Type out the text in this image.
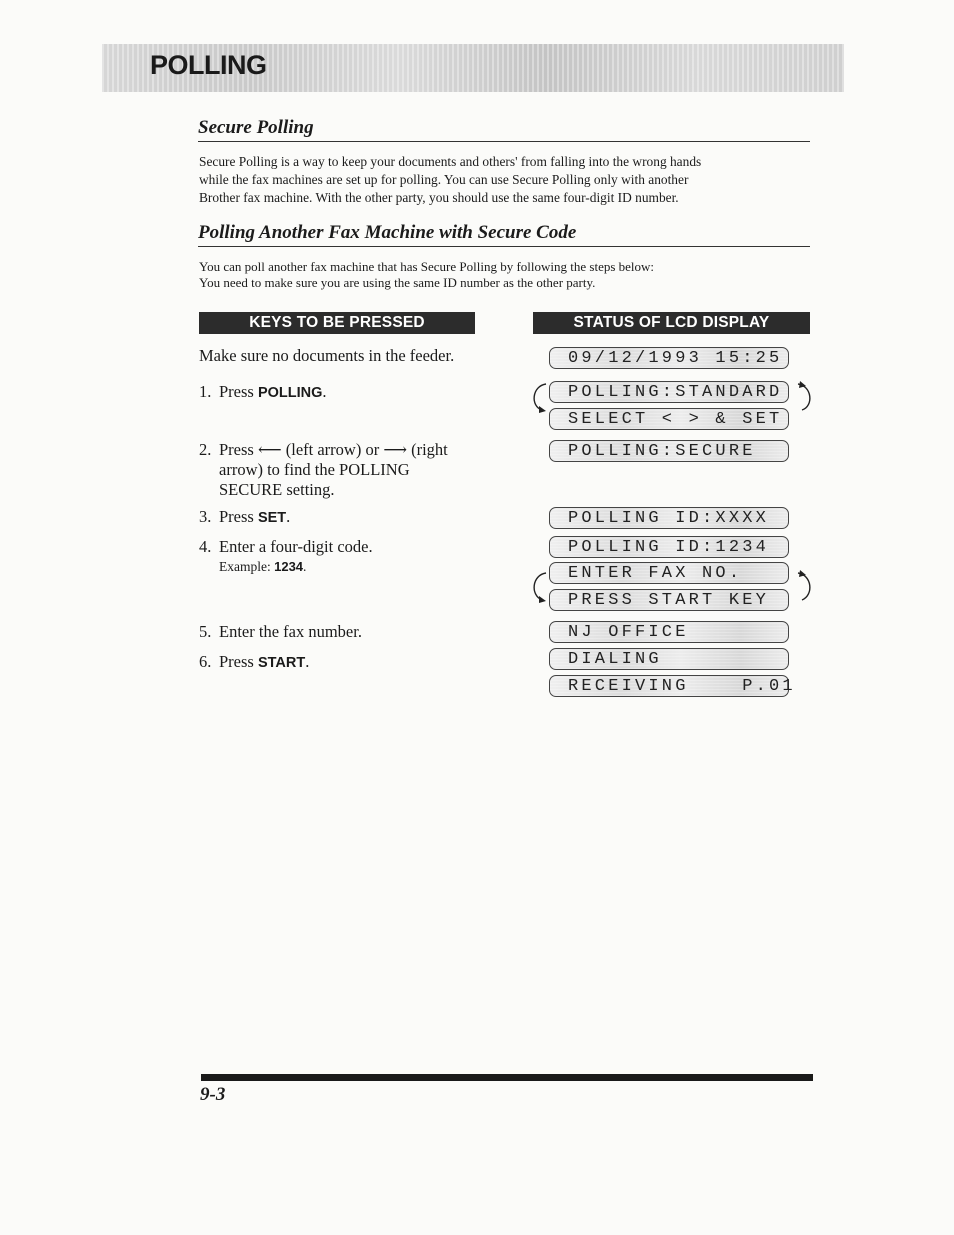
POLLING
Secure Polling

Secure Polling is a way to keep your documents and others' from falling into the wrong hands

while the fax machines are set up for polling. You can use Secure Polling only with another

Brother fax machine. With the other party, you should use the same four-digit ID number.

Polling Another Fax Machine with Secure Code

You can poll another fax machine that has Secure Polling by following the steps below:

You need to make sure you are using the same ID number as the other party.

KEYS TO BE PRESSED	STATUS OF LCD DISPLAY
Make sure no documents in the feeder.
1. Press POLLING.
2. Press ⟵ (left arrow) or ⟶ (right
arrow) to find the POLLING
SECURE setting.
3. Press SET.
4. Enter a four-digit code.
Example: 1234.
5. Enter the fax number.
6. Press START.
09/12/1993 15:25
POLLING:STANDARD
SELECT < > & SET
POLLING:SECURE
POLLING ID:XXXX
POLLING ID:1234
ENTER FAX NO.
PRESS START KEY
NJ OFFICE
DIALING
RECEIVING    P.01
9-3
